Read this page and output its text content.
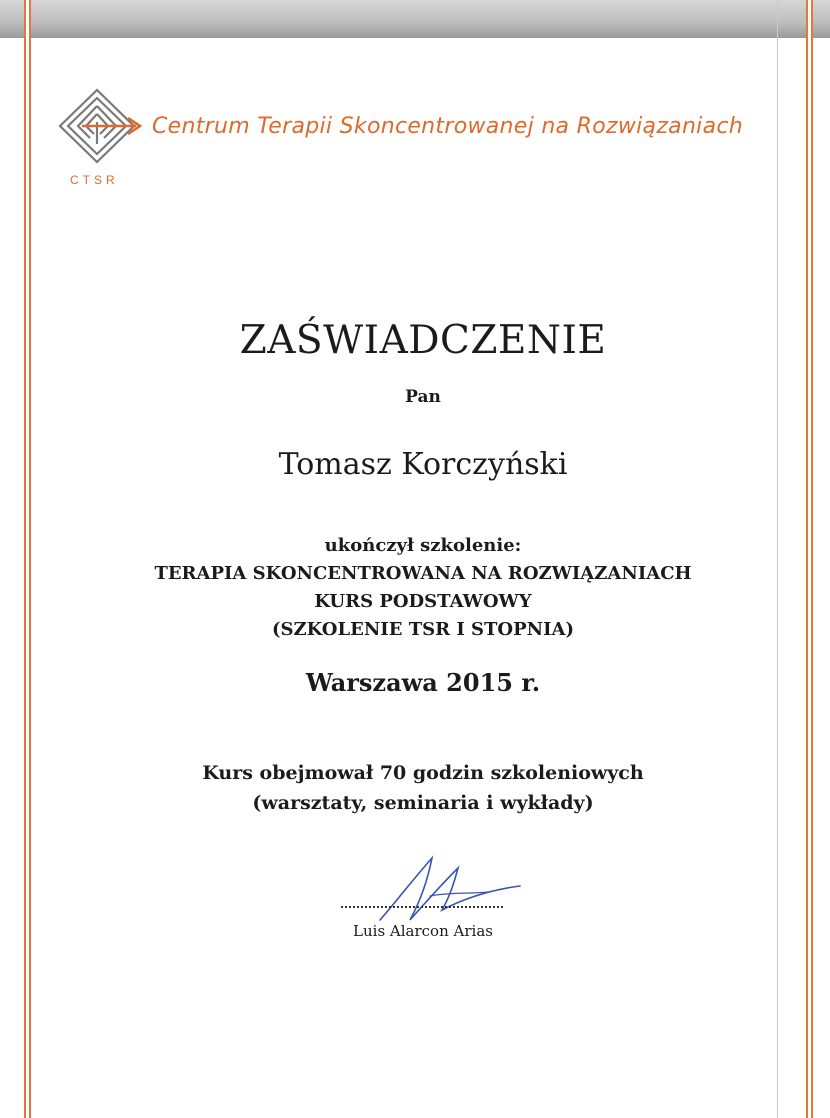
CTSR
Centrum Terapii Skoncentrowanej na Rozwiązaniach
ZAŚWIADCZENIE
Pan
Tomasz Korczyński
ukończył szkolenie:
TERAPIA SKONCENTROWANA NA ROZWIĄZANIACH
KURS PODSTAWOWY
(SZKOLENIE TSR I STOPNIA)
Warszawa 2015 r.
Kurs obejmował 70 godzin szkoleniowych
(warsztaty, seminaria i wykłady)
Luis Alarcon Arias
